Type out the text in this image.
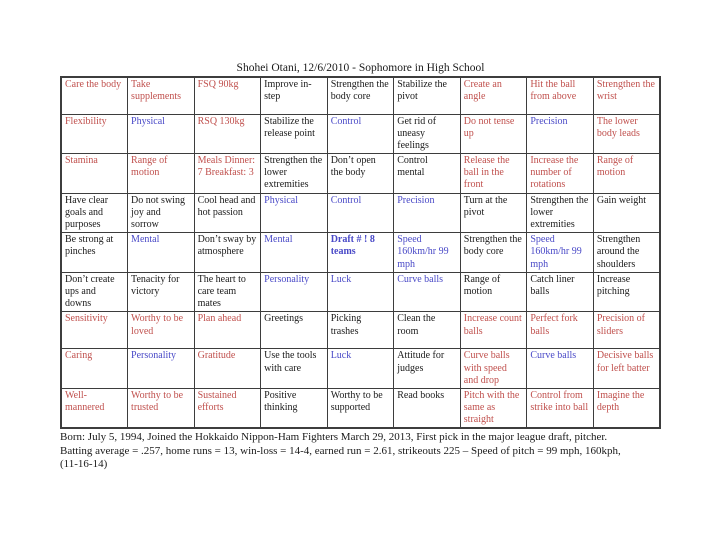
Shohei Otani, 12/6/2010 - Sophomore in High School
Care the body	Take supplements	FSQ 90kg	Improve in-step	Strengthen the body core	Stabilize the pivot	Create an angle	Hit the ball from above	Strengthen the wrist
Flexibility	Physical	RSQ 130kg	Stabilize the release point	Control	Get rid of uneasy feelings	Do not tense up	Precision	The lower body leads
Stamina	Range of motion	Meals Dinner: 7 Breakfast: 3	Strengthen the lower extremities	Don’t open the body	Control mental	Release the ball in the front	Increase the number of rotations	Range of motion
Have clear goals and purposes	Do not swing joy and sorrow	Cool head and hot passion	Physical	Control	Precision	Turn at the pivot	Strengthen the lower extremities	Gain weight
Be strong at pinches	Mental	Don’t sway by atmosphere	Mental	Draft # ! 8 teams	Speed 160km/hr 99 mph	Strengthen the body core	Speed 160km/hr 99 mph	Strengthen around the shoulders
Don’t create ups and downs	Tenacity for victory	The heart to care team mates	Personality	Luck	Curve balls	Range of motion	Catch liner balls	Increase pitching
Sensitivity	Worthy to be loved	Plan ahead	Greetings	Picking trashes	Clean the room	Increase count balls	Perfect fork balls	Precision of sliders
Caring	Personality	Gratitude	Use the tools with care	Luck	Attitude for judges	Curve balls with speed and drop	Curve balls	Decisive balls for left batter
Well-mannered	Worthy to be trusted	Sustained efforts	Positive thinking	Worthy to be supported	Read books	Pitch with the same as straight	Control from strike into ball	Imagine the depth
Born: July 5, 1994, Joined the Hokkaido Nippon-Ham Fighters March 29, 2013, First pick in the major league draft, pitcher.
Batting average = .257, home runs = 13, win-loss = 14-4, earned run = 2.61, strikeouts 225 – Speed of pitch = 99 mph, 160kph,
(11-16-14)
